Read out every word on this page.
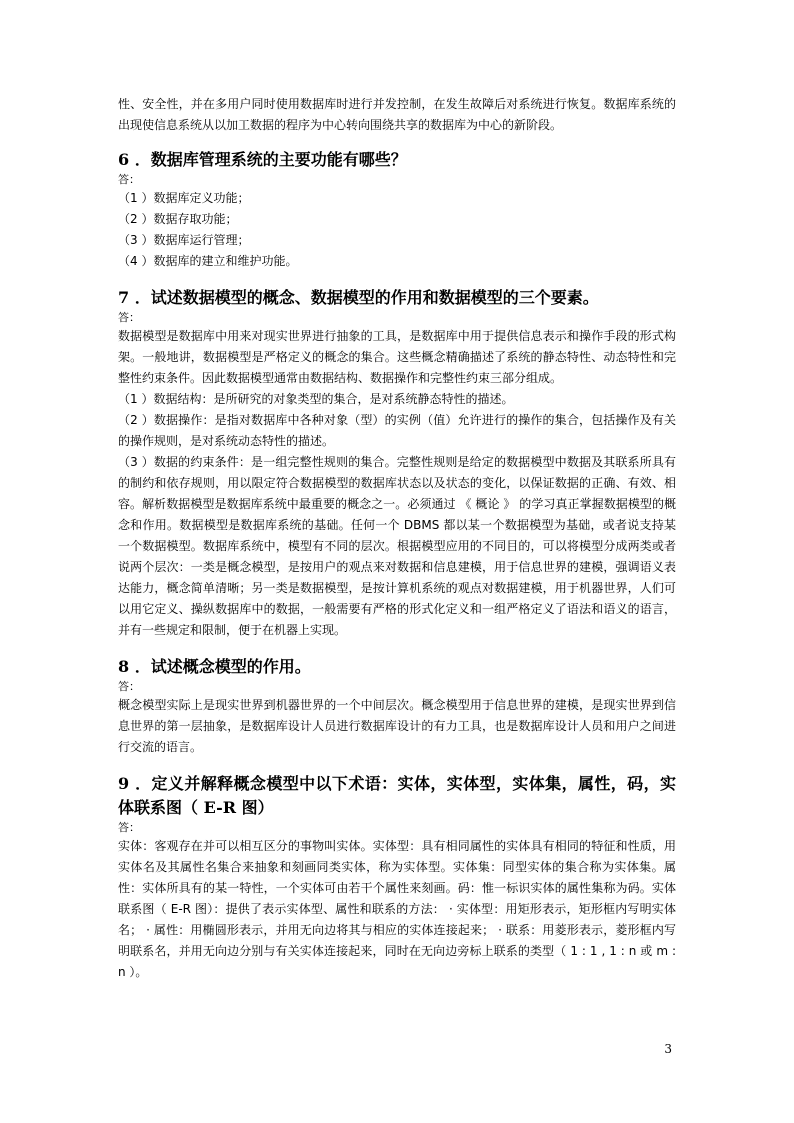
性、安全性，并在多用户同时使用数据库时进行并发控制，在发生故障后对系统进行恢复。数据库系统的出现使信息系统从以加工数据的程序为中心转向围绕共享的数据库为中心的新阶段。

6 ．数据库管理系统的主要功能有哪些？

答：

（1 ）数据库定义功能；

（2 ）数据存取功能；

（3 ）数据库运行管理；

（4 ）数据库的建立和维护功能。

7 ．试述数据模型的概念、数据模型的作用和数据模型的三个要素。

答：

数据模型是数据库中用来对现实世界进行抽象的工具，是数据库中用于提供信息表示和操作手段的形式构架。一般地讲，数据模型是严格定义的概念的集合。这些概念精确描述了系统的静态特性、动态特性和完整性约束条件。因此数据模型通常由数据结构、数据操作和完整性约束三部分组成。

（1 ）数据结构：是所研究的对象类型的集合，是对系统静态特性的描述。

（2 ）数据操作：是指对数据库中各种对象（型）的实例（值）允许进行的操作的集合，包括操作及有关的操作规则，是对系统动态特性的描述。

（3 ）数据的约束条件：是一组完整性规则的集合。完整性规则是给定的数据模型中数据及其联系所具有的制约和依存规则，用以限定符合数据模型的数据库状态以及状态的变化，以保证数据的正确、有效、相容。解析数据模型是数据库系统中最重要的概念之一。必须通过 《 概论 》 的学习真正掌握数据模型的概念和作用。数据模型是数据库系统的基础。任何一个 DBMS 都以某一个数据模型为基础，或者说支持某一个数据模型。数据库系统中，模型有不同的层次。根据模型应用的不同目的，可以将模型分成两类或者说两个层次：一类是概念模型，是按用户的观点来对数据和信息建模，用于信息世界的建模，强调语义表达能力，概念简单清晰；另一类是数据模型，是按计算机系统的观点对数据建模，用于机器世界，人们可以用它定义、操纵数据库中的数据，一般需要有严格的形式化定义和一组严格定义了语法和语义的语言，并有一些规定和限制，便于在机器上实现。

8 ．试述概念模型的作用。

答：

概念模型实际上是现实世界到机器世界的一个中间层次。概念模型用于信息世界的建模，是现实世界到信息世界的第一层抽象，是数据库设计人员进行数据库设计的有力工具，也是数据库设计人员和用户之间进行交流的语言。

9 ．定义并解释概念模型中以下术语：实体，实体型，实体集，属性，码，实体联系图（ E-R 图）

答：

实体：客观存在并可以相互区分的事物叫实体。实体型：具有相同属性的实体具有相同的特征和性质，用实体名及其属性名集合来抽象和刻画同类实体，称为实体型。实体集：同型实体的集合称为实体集。属性：实体所具有的某一特性，一个实体可由若干个属性来刻画。码：惟一标识实体的属性集称为码。实体联系图（ E-R 图）：提供了表示实体型、属性和联系的方法： · 实体型：用矩形表示，矩形框内写明实体名； · 属性：用椭圆形表示，并用无向边将其与相应的实体连接起来； · 联系：用菱形表示，菱形框内写明联系名，并用无向边分别与有关实体连接起来，同时在无向边旁标上联系的类型（ 1 : 1 , 1 : n 或 m : n ）。

3
